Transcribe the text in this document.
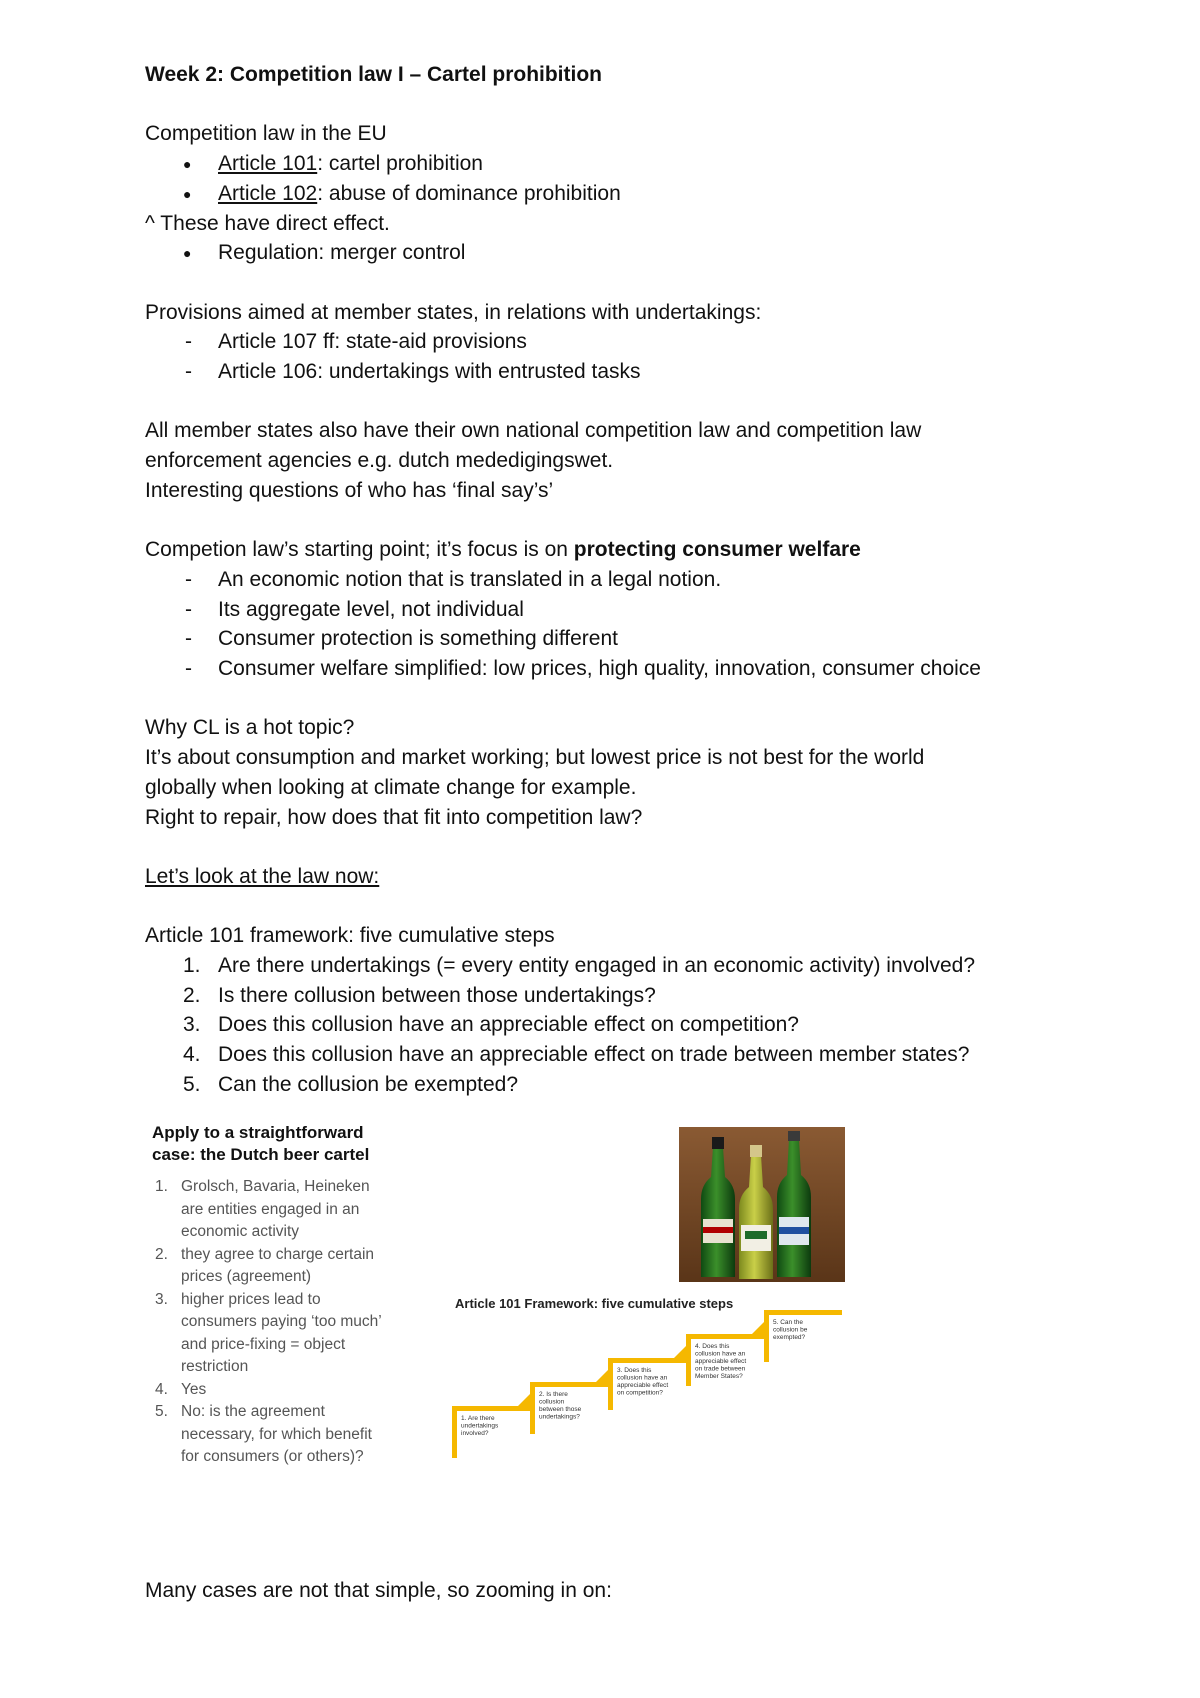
Week 2: Competition law I – Cartel prohibition

Competition law in the EU

● Article 101: cartel prohibition
● Article 102: abuse of dominance prohibition

^ These have direct effect.

● Regulation: merger control

Provisions aimed at member states, in relations with undertakings:

- Article 107 ff: state-aid provisions
- Article 106: undertakings with entrusted tasks

All member states also have their own national competition law and competition law

enforcement agencies e.g. dutch mededigingswet.

Interesting questions of who has ‘final say’s’

Competion law’s starting point; it’s focus is on protecting consumer welfare

- An economic notion that is translated in a legal notion.
- Its aggregate level, not individual
- Consumer protection is something different
- Consumer welfare simplified: low prices, high quality, innovation, consumer choice

Why CL is a hot topic?

It’s about consumption and market working; but lowest price is not best for the world

globally when looking at climate change for example.

Right to repair, how does that fit into competition law?

Let’s look at the law now:

Article 101 framework: five cumulative steps

1. Are there undertakings (= every entity engaged in an economic activity) involved?
2. Is there collusion between those undertakings?
3. Does this collusion have an appreciable effect on competition?
4. Does this collusion have an appreciable effect on trade between member states?
5. Can the collusion be exempted?
Apply to a straightforward
case: the Dutch beer cartel
1. Grolsch, Bavaria, Heineken
are entities engaged in an
economic activity
2. they agree to charge certain
prices (agreement)
3. higher prices lead to
consumers paying ‘too much’
and price-fixing = object
restriction
4. Yes
5. No: is the agreement
necessary, for which benefit
for consumers (or others)?
Article 101 Framework: five cumulative steps
1. Are there
undertakings
involved?
2. Is there
collusion
between those
undertakings?
3. Does this
collusion have an
appreciable effect
on competition?
4. Does this
collusion have an
appreciable effect
on trade between
Member States?
5. Can the
collusion be
exempted?

Many cases are not that simple, so zooming in on:
